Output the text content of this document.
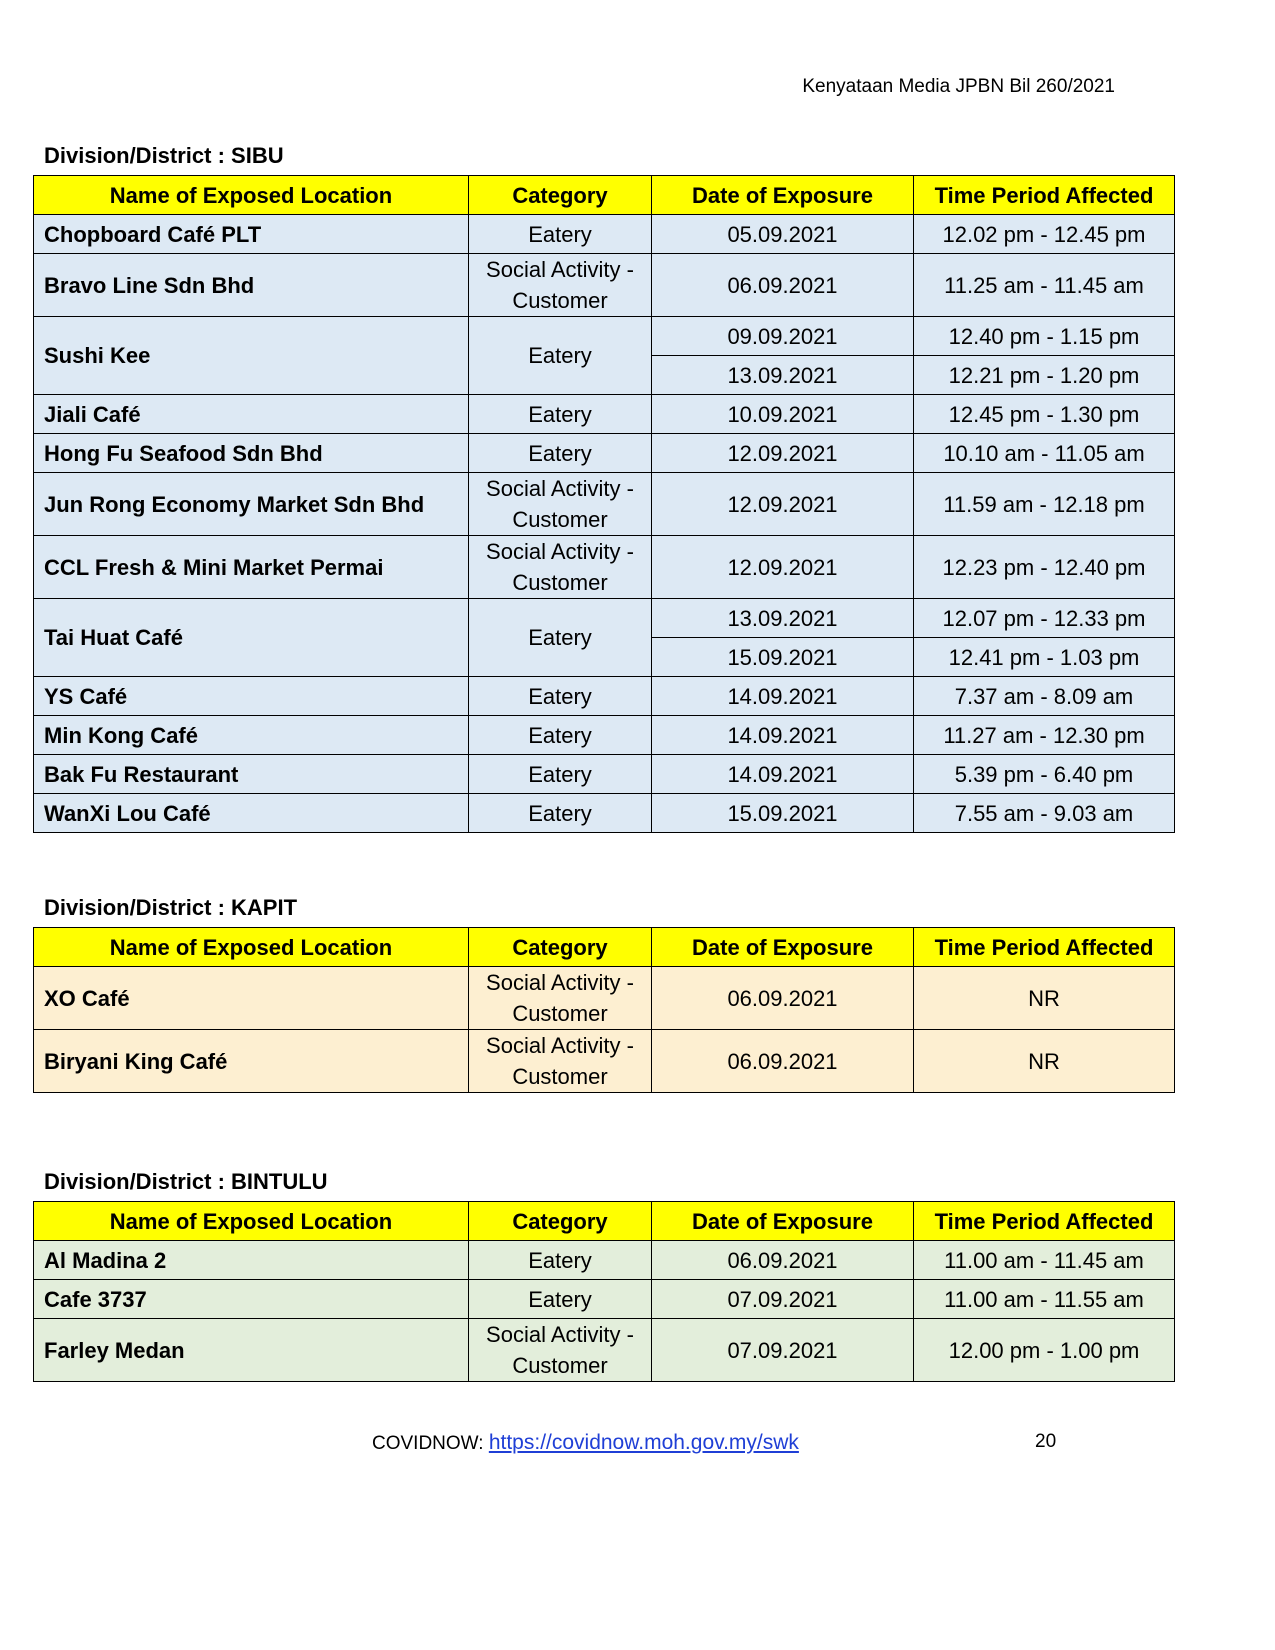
Kenyataan Media JPBN Bil 260/2021
Division/District : SIBU
Name of Exposed Location	Category	Date of Exposure	Time Period Affected
Chopboard Café PLT	Eatery	05.09.2021	12.02 pm - 12.45 pm
Bravo Line Sdn Bhd	Social Activity - Customer	06.09.2021	11.25 am - 11.45 am
Sushi Kee	Eatery	09.09.2021	12.40 pm - 1.15 pm
		13.09.2021	12.21 pm - 1.20 pm
Jiali Café	Eatery	10.09.2021	12.45 pm - 1.30 pm
Hong Fu Seafood Sdn Bhd	Eatery	12.09.2021	10.10 am - 11.05 am
Jun Rong Economy Market Sdn Bhd	Social Activity - Customer	12.09.2021	11.59 am - 12.18 pm
CCL Fresh & Mini Market Permai	Social Activity - Customer	12.09.2021	12.23 pm - 12.40 pm
Tai Huat Café	Eatery	13.09.2021	12.07 pm - 12.33 pm
		15.09.2021	12.41 pm - 1.03 pm
YS Café	Eatery	14.09.2021	7.37 am - 8.09 am
Min Kong Café	Eatery	14.09.2021	11.27 am - 12.30 pm
Bak Fu Restaurant	Eatery	14.09.2021	5.39 pm - 6.40 pm
WanXi Lou Café	Eatery	15.09.2021	7.55 am - 9.03 am
Division/District : KAPIT
Name of Exposed Location	Category	Date of Exposure	Time Period Affected
XO Café	Social Activity - Customer	06.09.2021	NR
Biryani King Café	Social Activity - Customer	06.09.2021	NR
Division/District : BINTULU
Name of Exposed Location	Category	Date of Exposure	Time Period Affected
Al Madina 2	Eatery	06.09.2021	11.00 am - 11.45 am
Cafe 3737	Eatery	07.09.2021	11.00 am - 11.55 am
Farley Medan	Social Activity - Customer	07.09.2021	12.00 pm - 1.00 pm
COVIDNOW: https://covidnow.moh.gov.my/swk	20
